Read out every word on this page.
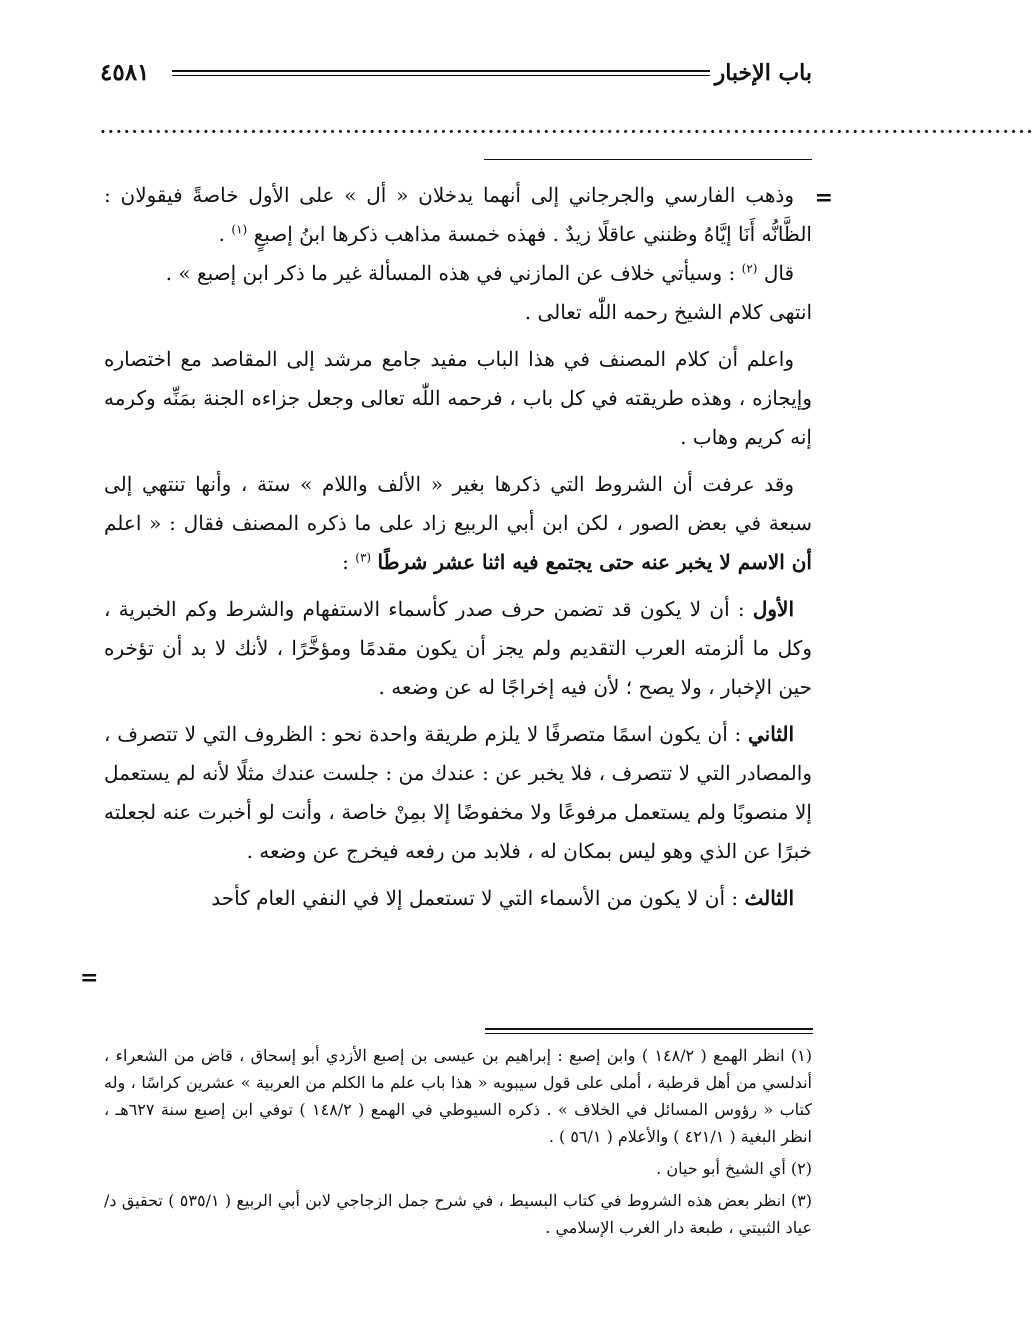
باب الإخبار
٤٥٨١
......................................................................................................................
=

وذهب الفارسي والجرجاني إلى أنهما يدخلان « أل » على الأول خاصةً فيقولان : الظَّانُّه أَنَا إيَّاهُ وظنني عاقلًا زيدٌ . فهذه خمسة مذاهب ذكرها ابنُ إصبعٍ $^{(١)}$ .

قال $^{(٢)}$ : وسيأتي خلاف عن المازني في هذه المسألة غير ما ذكر ابن إصبع » .

انتهى كلام الشيخ رحمه اللّٰه تعالى .

واعلم أن كلام المصنف في هذا الباب مفيد جامع مرشد إلى المقاصد مع اختصاره وإيجازه ، وهذه طريقته في كل باب ، فرحمه اللّٰه تعالى وجعل جزاءه الجنة بمَنِّه وكرمه إنه كريم وهاب .

وقد عرفت أن الشروط التي ذكرها بغير « الألف واللام » ستة ، وأنها تنتهي إلى سبعة في بعض الصور ، لكن ابن أبي الربيع زاد على ما ذكره المصنف فقال : « اعلم أن الاسم لا يخبر عنه حتى يجتمع فيه اثنا عشر شرطًا $^{(٣)}$ :

الأول : أن لا يكون قد تضمن حرف صدر كأسماء الاستفهام والشرط وكم الخبرية ، وكل ما ألزمته العرب التقديم ولم يجز أن يكون مقدمًا ومؤخَّرًا ، لأنك لا بد أن تؤخره حين الإخبار ، ولا يصح ؛ لأن فيه إخراجًا له عن وضعه .

الثاني : أن يكون اسمًا متصرفًا لا يلزم طريقة واحدة نحو : الظروف التي لا تتصرف ، والمصادر التي لا تتصرف ، فلا يخبر عن : عندك من : جلست عندك مثلًا لأنه لم يستعمل إلا منصوبًا ولم يستعمل مرفوعًا ولا مخفوضًا إلا بمِنْ خاصة ، وأنت لو أخبرت عنه لجعلته خبرًا عن الذي وهو ليس بمكان له ، فلابد من رفعه فيخرج عن وضعه .

الثالث : أن لا يكون من الأسماء التي لا تستعمل إلا في النفي العام كأحد

=

(١) انظر الهمع ( ١٤٨/٢ ) وابن إصبع : إبراهيم بن عيسى بن إصبع الأزدي أبو إسحاق ، قاض من الشعراء ، أندلسي من أهل قرطبة ، أملى على قول سيبويه « هذا باب علم ما الكلم من العربية » عشرين كراسًا ، وله كتاب « رؤوس المسائل في الخلاف » . ذكره السيوطي في الهمع ( ١٤٨/٢ ) توفي ابن إصبع سنة ٦٢٧هـ ، انظر البغية ( ٤٢١/١ ) والأعلام ( ٥٦/١ ) .

(٢) أي الشيخ أبو حيان .

(٣) انظر بعض هذه الشروط في كتاب البسيط ، في شرح جمل الزجاجي لابن أبي الربيع ( ٥٣٥/١ ) تحقيق د/ عياد الثبيتي ، طبعة دار الغرب الإسلامي .
